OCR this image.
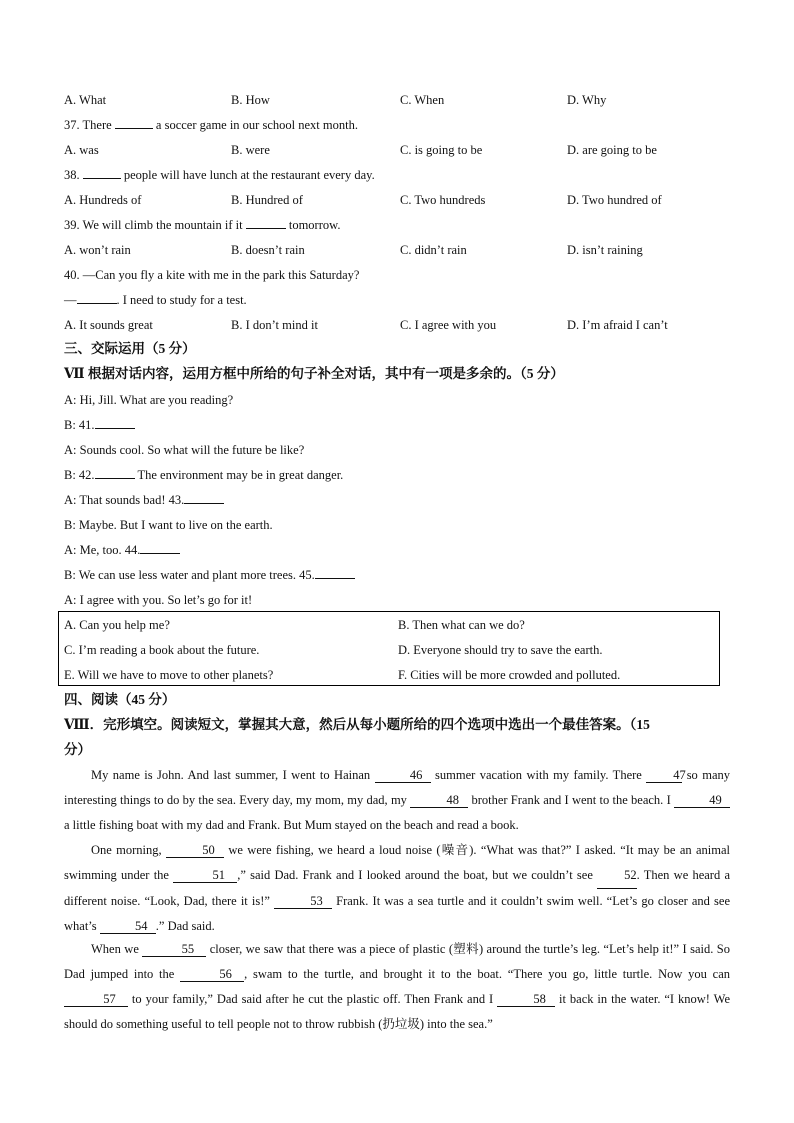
A. What	B. How	C. When	D. Why
37. There	a soccer game in our school next month.
A. was	B. were	C. is going to be	D. are going to be
38.	people will have lunch at the restaurant every day.
A. Hundreds of	B. Hundred of	C. Two hundreds	D. Two hundred of
39. We will climb the mountain if it	tomorrow.
A. won’t rain	B. doesn’t rain	C. didn’t rain	D. isn’t raining
40. —Can you fly a kite with me in the park this Saturday?
—	. I need to study for a test.
A. It sounds great	B. I don’t mind it	C. I agree with you	D. I’m afraid I can’t
三、交际运用（5 分）
Ⅶ 根据对话内容，运用方框中所给的句子补全对话，其中有一项是多余的。（5 分）
A: Hi, Jill. What are you reading?
B: 41.
A: Sounds cool. So what will the future be like?
B: 42.	The environment may be in great danger.
A: That sounds bad! 43.
B: Maybe. But I want to live on the earth.
A: Me, too. 44.
B: We can use less water and plant more trees. 45.
A: I agree with you. So let’s go for it!
A. Can you help me?	B. Then what can we do?
C. I’m reading a book about the future.	D. Everyone should try to save the earth.
E. Will we have to move to other planets?	F. Cities will be more crowded and polluted.
四、阅读（45 分）
Ⅷ．完形填空。阅读短文，掌握其大意，然后从每小题所给的四个选项中选出一个最佳答案。（15
分）
My name is John. And last summer, I went to Hainan	46 summer vacation with my family. There 47 so many interesting things to do by the sea. Every day, my mom, my dad, my	48 brother Frank and I went to the beach. I	49 a little fishing boat with my dad and Frank. But Mum stayed on the beach and read a book.
One morning,	50 we were fishing, we heard a loud noise (噪音). “What was that?” I asked. “It may be an animal swimming under the	51 ,” said Dad. Frank and I looked around the boat, but we couldn’t see 52. Then we heard a different noise. “Look, Dad, there it is!”	53 Frank. It was a sea turtle and it couldn’t swim well. “Let’s go closer and see what’s	54 .” Dad said.
When we	55 closer, we saw that there was a piece of plastic (塑料) around the turtle’s leg. “Let’s help it!” I said. So Dad jumped into the	56 , swam to the turtle, and brought it to the boat. “There you go, little turtle. Now you can 57 to your family,” Dad said after he cut the plastic off. Then Frank and I	58 it back in the water. “I know! We should do something useful to tell people not to throw rubbish (扔垃圾) into the sea.”
